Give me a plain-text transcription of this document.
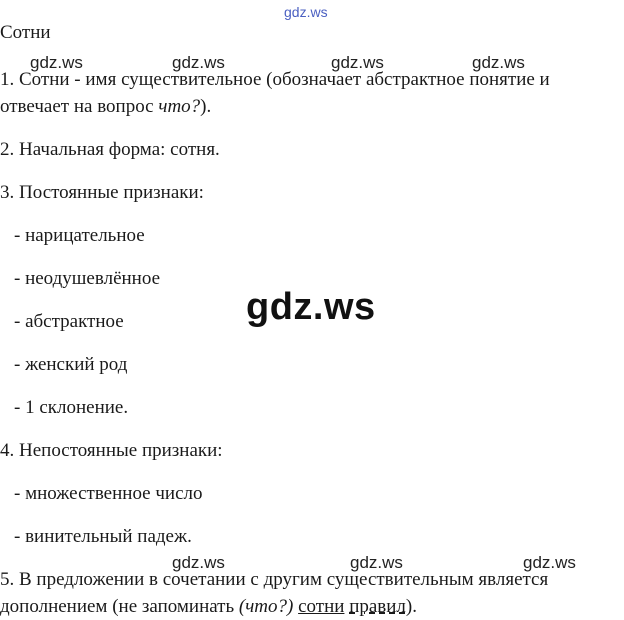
gdz.ws
Сотни
gdz.ws	gdz.ws	gdz.ws	gdz.ws
1. Сотни - имя существительное (обозначает абстрактное понятие и
отвечает на вопрос что?).
2. Начальная форма: сотня.
3. Постоянные признаки:
- нарицательное
- неодушевлённое
- абстрактное
- женский род
- 1 склонение.
gdz.ws
4. Непостоянные признаки:
- множественное число
- винительный падеж.
gdz.ws	gdz.ws	gdz.ws
5. В предложении в сочетании с другим существительным является
дополнением (не запоминать (что?) сотни правил).
